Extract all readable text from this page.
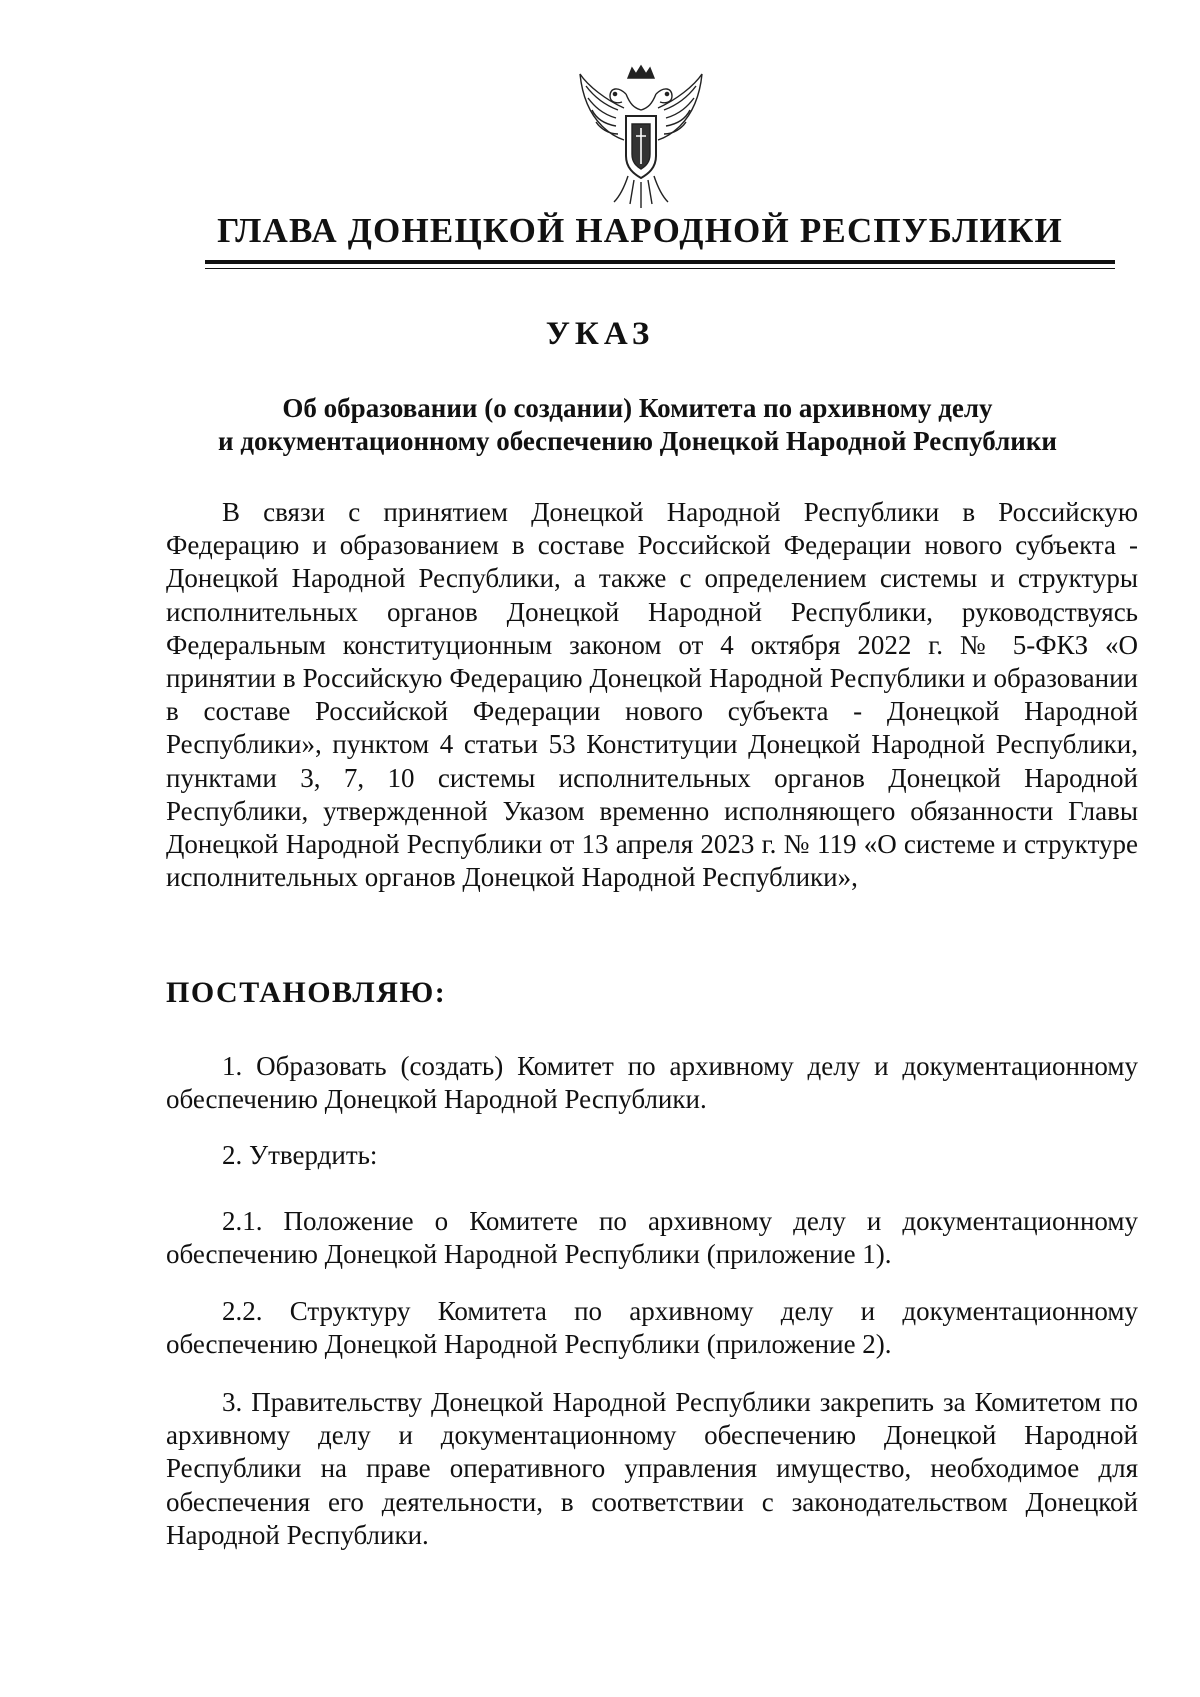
ГЛАВА ДОНЕЦКОЙ НАРОДНОЙ РЕСПУБЛИКИ
УКАЗ
Об образовании (о создании) Комитета по архивному делу
и документационному обеспечению Донецкой Народной Республики

В связи с принятием Донецкой Народной Республики в Российскую Федерацию и образованием в составе Российской Федерации нового субъекта - Донецкой Народной Республики, а также с определением системы и структуры исполнительных органов Донецкой Народной Республики, руководствуясь Федеральным конституционным законом от 4 октября 2022 г. № 5-ФКЗ «О принятии в Российскую Федерацию Донецкой Народной Республики и образовании в составе Российской Федерации нового субъекта - Донецкой Народной Республики», пунктом 4 статьи 53 Конституции Донецкой Народной Республики, пунктами 3, 7, 10 системы исполнительных органов Донецкой Народной Республики, утвержденной Указом временно исполняющего обязанности Главы Донецкой Народной Республики от 13 апреля 2023 г. № 119 «О системе и структуре исполнительных органов Донецкой Народной Республики»,

ПОСТАНОВЛЯЮ:

1. Образовать (создать) Комитет по архивному делу и документационному обеспечению Донецкой Народной Республики.

2. Утвердить:

2.1. Положение о Комитете по архивному делу и документационному обеспечению Донецкой Народной Республики (приложение 1).

2.2. Структуру Комитета по архивному делу и документационному обеспечению Донецкой Народной Республики (приложение 2).

3. Правительству Донецкой Народной Республики закрепить за Комитетом по архивному делу и документационному обеспечению Донецкой Народной Республики на праве оперативного управления имущество, необходимое для обеспечения его деятельности, в соответствии с законодательством Донецкой Народной Республики.
